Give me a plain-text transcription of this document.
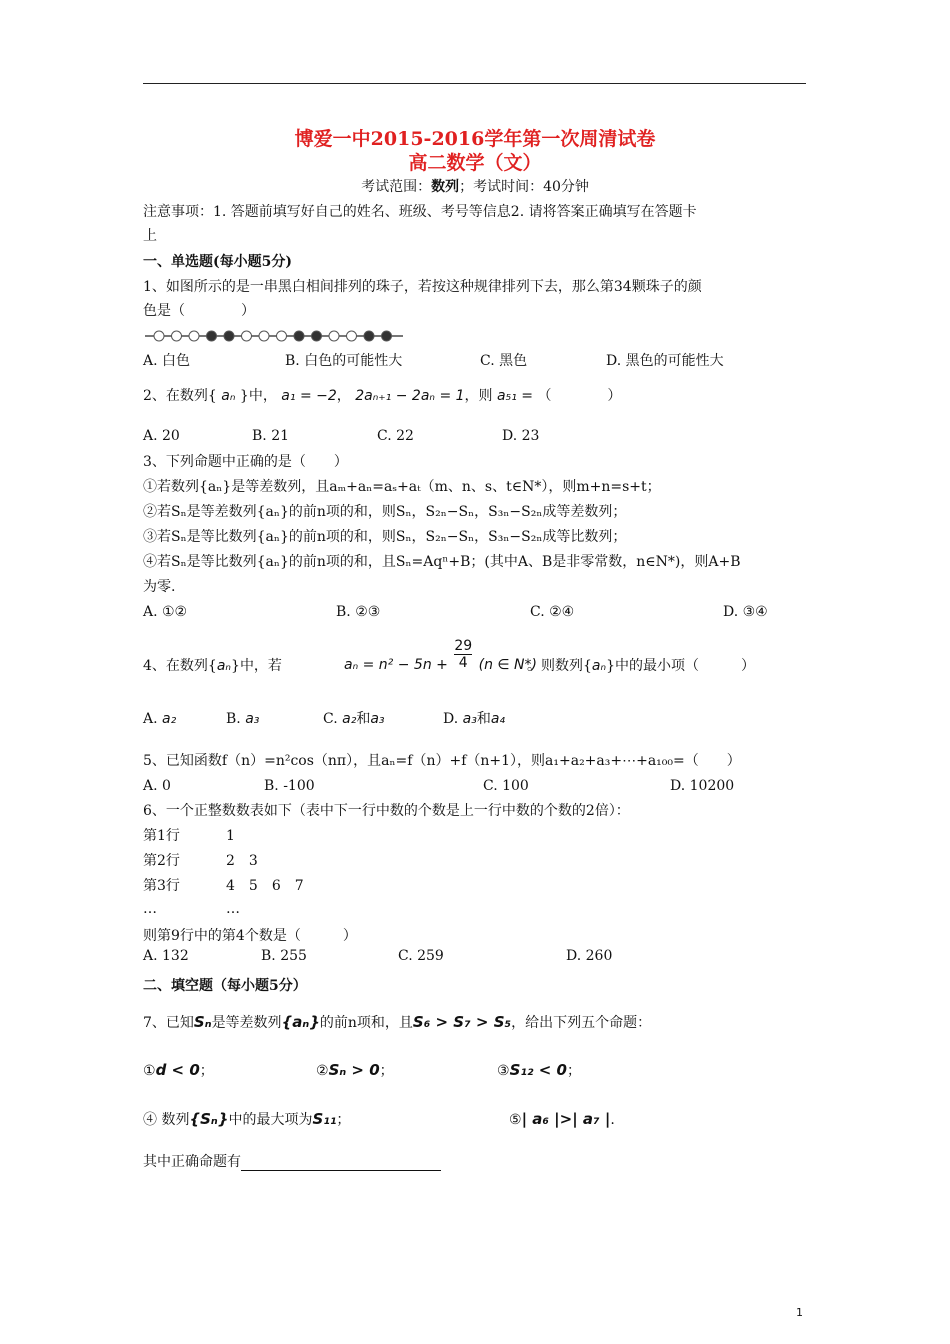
博爱一中2015-2016学年第一次周清试卷
高二数学（文）
考试范围：数列；考试时间：40分钟
注意事项：1. 答题前填写好自己的姓名、班级、考号等信息2. 请将答案正确填写在答题卡
上
一、单选题(每小题5分)
1、如图所示的是一串黑白相间排列的珠子，若按这种规律排列下去，那么第34颗珠子的颜
色是（　　　　）
A. 白色	B. 白色的可能性大	C. 黑色	D. 黑色的可能性大
2、在数列{ aₙ }中， a₁ = −2， 2aₙ₊₁ − 2aₙ = 1，则 a₅₁ = （　　　　）
A. 20	B. 21	C. 22	D. 23
3、下列命题中正确的是（　　）
①若数列{aₙ}是等差数列，且aₘ+aₙ=aₛ+aₜ（m、n、s、t∈N*），则m+n=s+t；
②若Sₙ是等差数列{aₙ}的前n项的和，则Sₙ，S₂ₙ−Sₙ，S₃ₙ−S₂ₙ成等差数列；
③若Sₙ是等比数列{aₙ}的前n项的和，则Sₙ，S₂ₙ−Sₙ，S₃ₙ−S₂ₙ成等比数列；
④若Sₙ是等比数列{aₙ}的前n项的和，且Sₙ=Aqⁿ+B；(其中A、B是非零常数，n∈N*)，则A+B
为零.
A. ①②	B. ②③	C. ②④	D. ③④
4、在数列{aₙ}中，若	$a_n = n^2 - 5n + \frac{29}{4} (n$ ∈ N*)
。则数列{aₙ}中的最小项（　　　）
A. a₂	B. a₃	C. a₂和a₃	D. a₃和a₄
5、已知函数f（n）=n²cos（nπ），且aₙ=f（n）+f（n+1），则a₁+a₂+a₃+⋯+a₁₀₀=（　　）
A. 0	B. -100	C. 100	D. 10200
6、一个正整数数表如下（表中下一行中数的个数是上一行中数的个数的2倍）：
第1行	1
第2行	2　3
第3行	4　5　6　7
…	…
则第9行中的第4个数是（　　　）
A. 132	B. 255	C. 259	D. 260
二、填空题（每小题5分）
7、已知Sₙ是等差数列{aₙ}的前n项和，且S₆ > S₇ > S₅，给出下列五个命题：
①d < 0；	②Sₙ > 0；	③S₁₂ < 0；
④ 数列{Sₙ}中的最大项为S₁₁；	⑤| a₆ |>| a₇ |.
其中正确命题有
1
